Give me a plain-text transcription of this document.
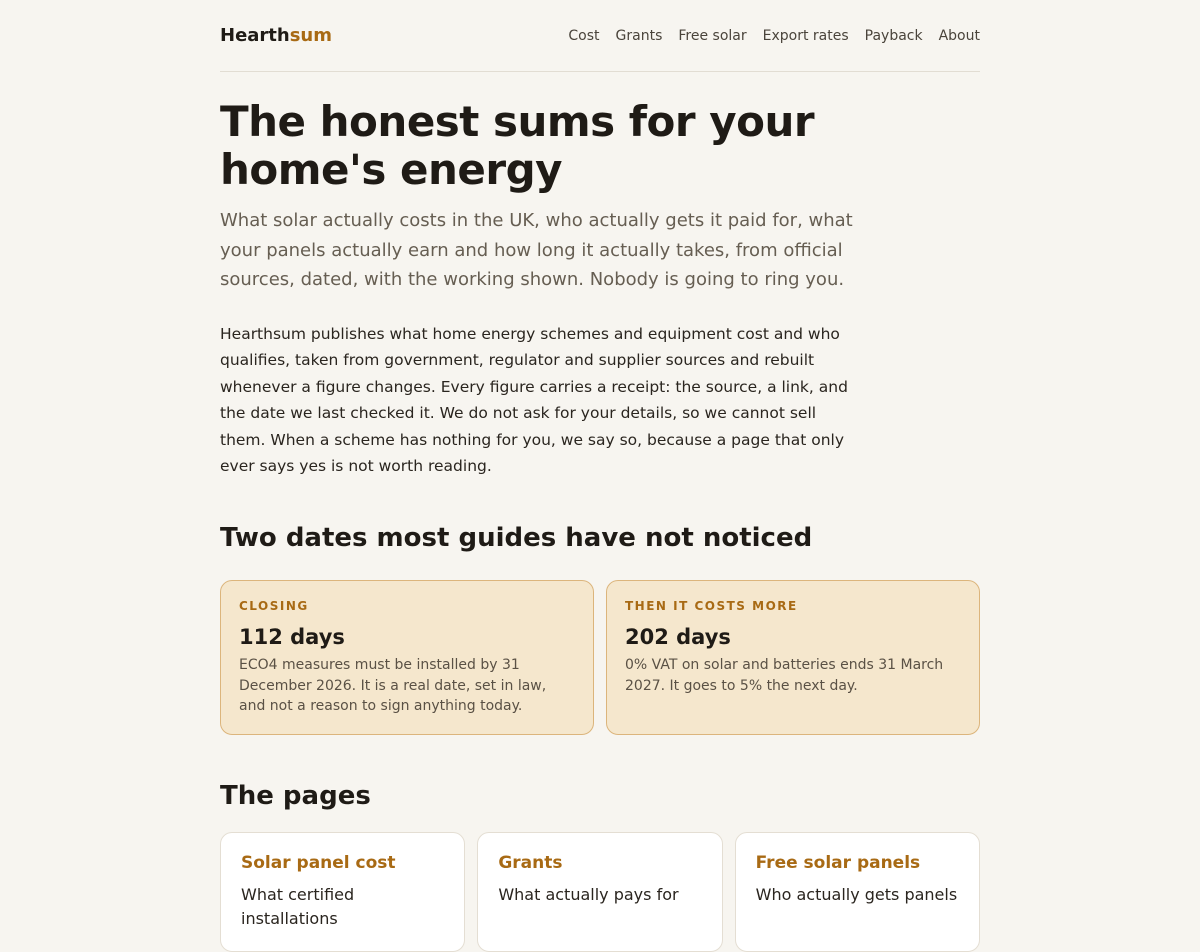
Hearthsum	Cost Grants Free solar Export rates Payback About
The honest sums for your home's energy

What solar actually costs in the UK, who actually gets it paid for, what your panels actually earn and how long it actually takes, from official sources, dated, with the working shown. Nobody is going to ring you.

Hearthsum publishes what home energy schemes and equipment cost and who qualifies, taken from government, regulator and supplier sources and rebuilt whenever a figure changes. Every figure carries a receipt: the source, a link, and the date we last checked it. We do not ask for your details, so we cannot sell them. When a scheme has nothing for you, we say so, because a page that only ever says yes is not worth reading.

Two dates most guides have not noticed
CLOSING
112 days
ECO4 measures must be installed by 31 December 2026. It is a real date, set in law, and not a reason to sign anything today.
THEN IT COSTS MORE
202 days
0% VAT on solar and batteries ends 31 March 2027. It goes to 5% the next day.
The pages
Solar panel cost
What certified installations
Grants
What actually pays for
Free solar panels
Who actually gets panels
